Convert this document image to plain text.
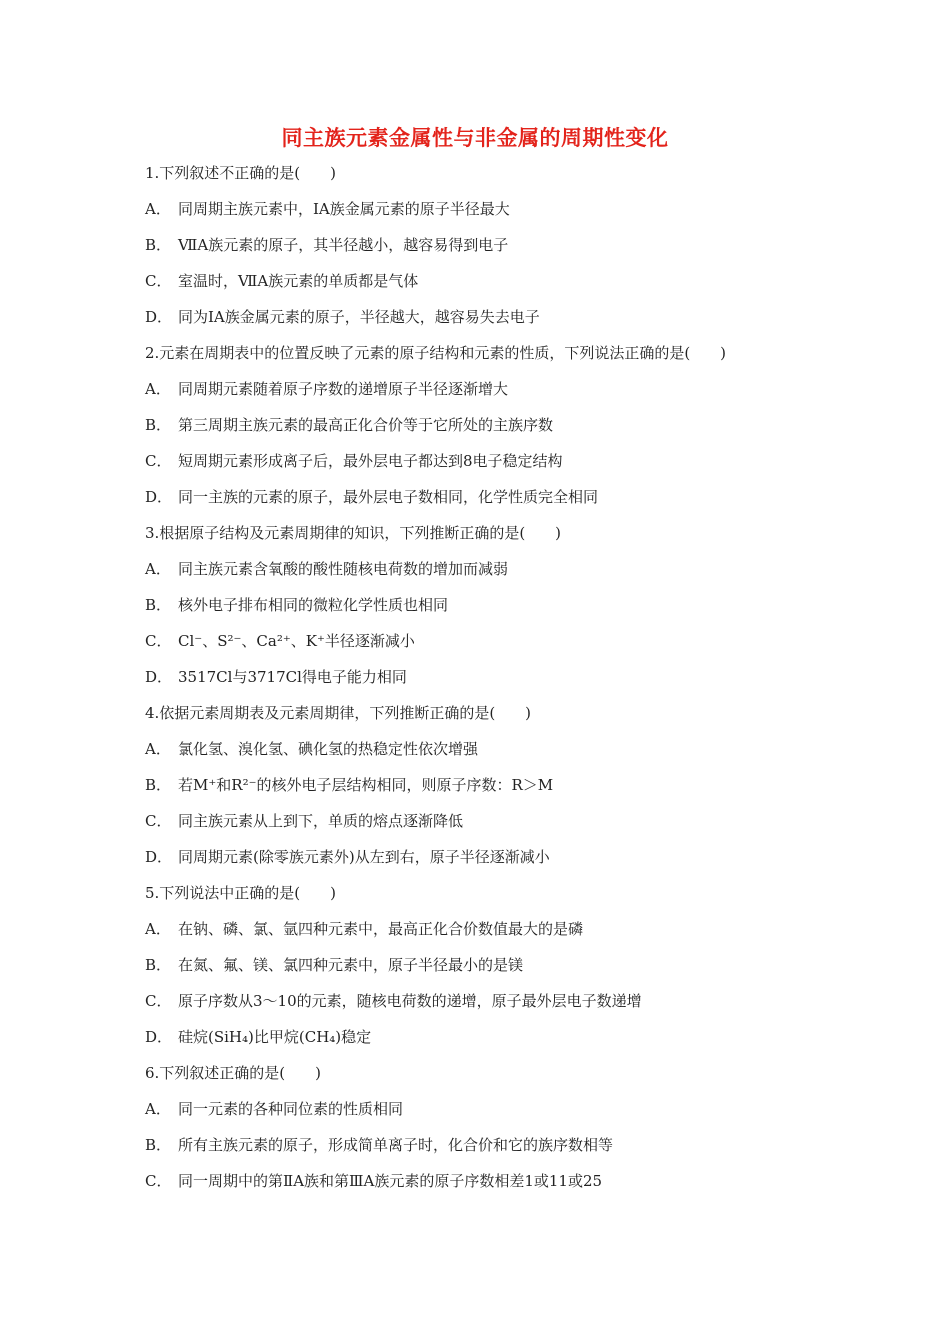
同主族元素金属性与非金属的周期性变化
1.下列叙述不正确的是(　　)
A． 同周期主族元素中，ⅠA族金属元素的原子半径最大
B． ⅦA族元素的原子，其半径越小，越容易得到电子
C． 室温时，ⅦA族元素的单质都是气体
D． 同为ⅠA族金属元素的原子，半径越大，越容易失去电子
2.元素在周期表中的位置反映了元素的原子结构和元素的性质，下列说法正确的是(　　)
A． 同周期元素随着原子序数的递增原子半径逐渐增大
B． 第三周期主族元素的最高正化合价等于它所处的主族序数
C． 短周期元素形成离子后，最外层电子都达到8电子稳定结构
D． 同一主族的元素的原子，最外层电子数相同，化学性质完全相同
3.根据原子结构及元素周期律的知识，下列推断正确的是(　　)
A． 同主族元素含氧酸的酸性随核电荷数的增加而减弱
B． 核外电子排布相同的微粒化学性质也相同
C． Cl⁻、S²⁻、Ca²⁺、K⁺半径逐渐减小
D． 3517Cl与3717Cl得电子能力相同
4.依据元素周期表及元素周期律，下列推断正确的是(　　)
A． 氯化氢、溴化氢、碘化氢的热稳定性依次增强
B． 若M⁺和R²⁻的核外电子层结构相同，则原子序数：R＞M
C． 同主族元素从上到下，单质的熔点逐渐降低
D． 同周期元素(除零族元素外)从左到右，原子半径逐渐减小
5.下列说法中正确的是(　　)
A． 在钠、磷、氯、氩四种元素中，最高正化合价数值最大的是磷
B． 在氮、氟、镁、氯四种元素中，原子半径最小的是镁
C． 原子序数从3～10的元素，随核电荷数的递增，原子最外层电子数递增
D． 硅烷(SiH₄)比甲烷(CH₄)稳定
6.下列叙述正确的是(　　)
A． 同一元素的各种同位素的性质相同
B． 所有主族元素的原子，形成简单离子时，化合价和它的族序数相等
C． 同一周期中的第ⅡA族和第ⅢA族元素的原子序数相差1或11或25
